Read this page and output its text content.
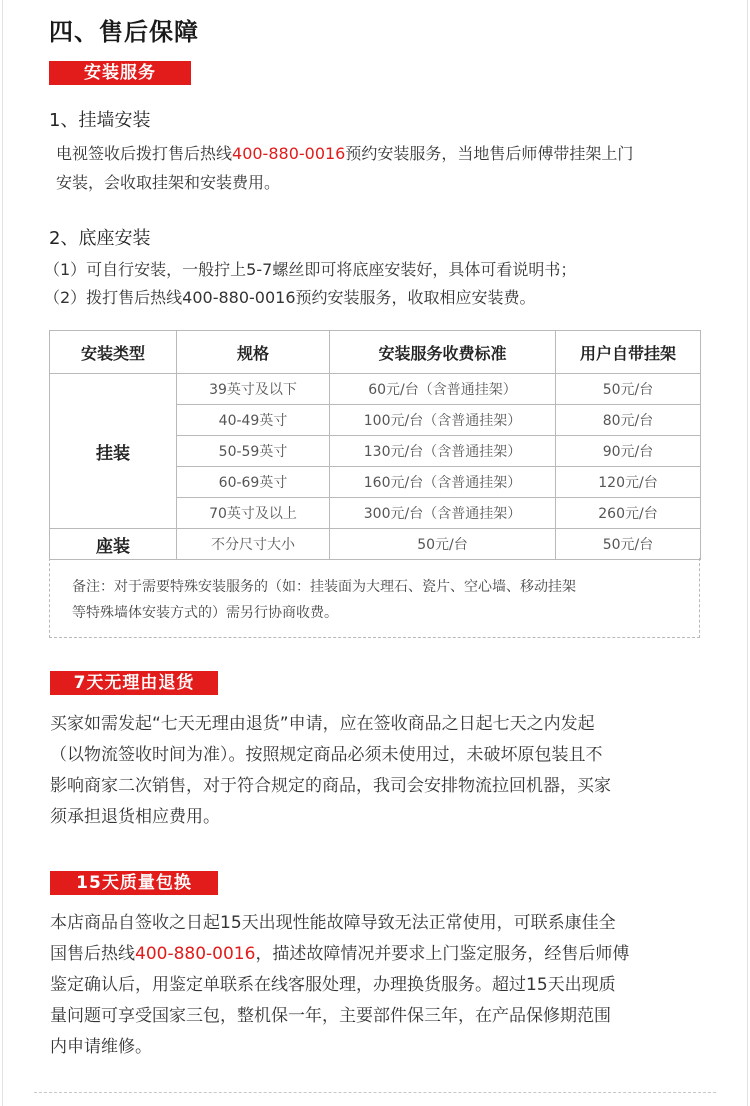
四、售后保障
安装服务
1、挂墙安装

电视签收后拨打售后热线400-880-0016预约安装服务，当地售后师傅带挂架上门

安装，会收取挂架和安装费用。

2、底座安装

（1）可自行安装，一般拧上5-7螺丝即可将底座安装好，具体可看说明书；

（2）拨打售后热线400-880-0016预约安装服务，收取相应安装费。

安装类型	规格	安装服务收费标准	用户自带挂架
挂装	39英寸及以下	60元/台（含普通挂架）	50元/台
	40-49英寸	100元/台（含普通挂架）	80元/台
	50-59英寸	130元/台（含普通挂架）	90元/台
	60-69英寸	160元/台（含普通挂架）	120元/台
	70英寸及以上	300元/台（含普通挂架）	260元/台
座装	不分尺寸大小	50元/台	50元/台

备注：对于需要特殊安装服务的（如：挂装面为大理石、瓷片、空心墙、移动挂架
等特殊墙体安装方式的）需另行协商收费。

7天无理由退货

买家如需发起“七天无理由退货”申请，应在签收商品之日起七天之内发起
（以物流签收时间为准）。按照规定商品必须未使用过，未破坏原包装且不
影响商家二次销售，对于符合规定的商品，我司会安排物流拉回机器，买家
须承担退货相应费用。

15天质量包换

本店商品自签收之日起15天出现性能故障导致无法正常使用，可联系康佳全
国售后热线400-880-0016，描述故障情况并要求上门鉴定服务，经售后师傅
鉴定确认后，用鉴定单联系在线客服处理，办理换货服务。超过15天出现质
量问题可享受国家三包，整机保一年，主要部件保三年，在产品保修期范围
内申请维修。
